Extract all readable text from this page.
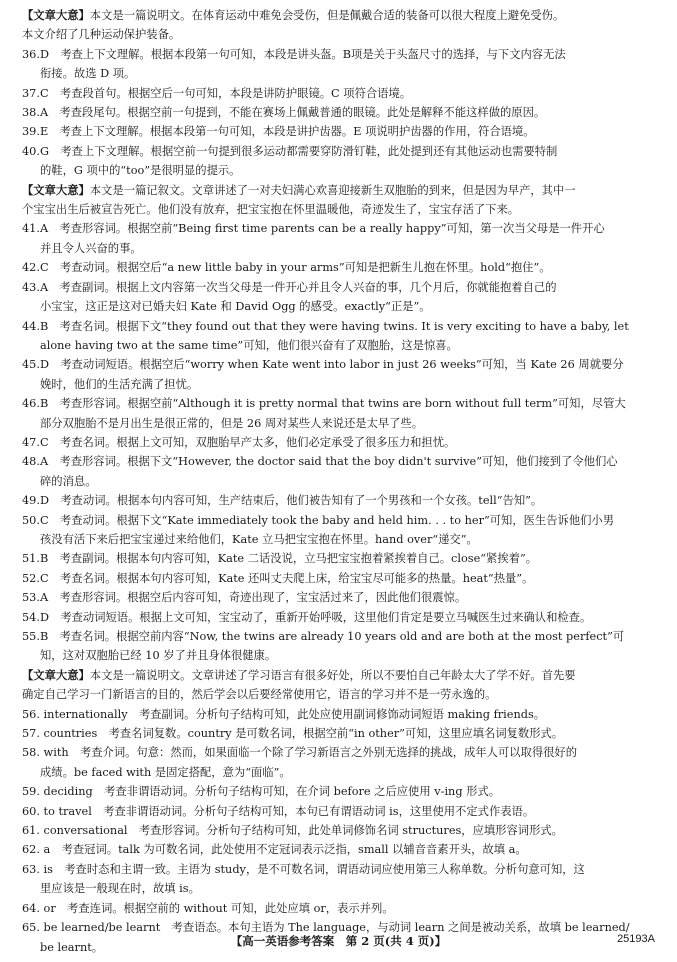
【文章大意】本文是一篇说明文。在体育运动中难免会受伤，但是佩戴合适的装备可以很大程度上避免受伤。
本文介绍了几种运动保护装备。
36.D　考查上下文理解。根据本段第一句可知，本段是讲头盔。B项是关于头盔尺寸的选择，与下文内容无法
衔接。故选 D 项。
37.C　考查段首句。根据空后一句可知，本段是讲防护眼镜。C 项符合语境。
38.A　考查段尾句。根据空前一句提到，不能在赛场上佩戴普通的眼镜。此处是解释不能这样做的原因。
39.E　考查上下文理解。根据本段第一句可知，本段是讲护齿器。E 项说明护齿器的作用，符合语境。
40.G　考查上下文理解。根据空前一句提到很多运动都需要穿防滑钉鞋，此处提到还有其他运动也需要特制
的鞋，G 项中的“too”是很明显的提示。
【文章大意】本文是一篇记叙文。文章讲述了一对夫妇满心欢喜迎接新生双胞胎的到来，但是因为早产，其中一
个宝宝出生后被宣告死亡。他们没有放弃，把宝宝抱在怀里温暖他，奇迹发生了，宝宝存活了下来。
41.A　考查形容词。根据空前“Being first time parents can be a really happy”可知，第一次当父母是一件开心
并且令人兴奋的事。
42.C　考查动词。根据空后“a new little baby in your arms”可知是把新生儿抱在怀里。hold“抱住”。
43.A　考查副词。根据上文内容第一次当父母是一件开心并且令人兴奋的事，几个月后，你就能抱着自己的
小宝宝，这正是这对已婚夫妇 Kate 和 David Ogg 的感受。exactly“正是”。
44.B　考查名词。根据下文“they found out that they were having twins. It is very exciting to have a baby, let
alone having two at the same time”可知，他们很兴奋有了双胞胎，这是惊喜。
45.D　考查动词短语。根据空后“worry when Kate went into labor in just 26 weeks”可知，当 Kate 26 周就要分
娩时，他们的生活充满了担忧。
46.B　考查形容词。根据空前“Although it is pretty normal that twins are born without full term”可知，尽管大
部分双胞胎不是月出生是很正常的，但是 26 周对某些人来说还是太早了些。
47.C　考查名词。根据上文可知，双胞胎早产太多，他们必定承受了很多压力和担忧。
48.A　考查形容词。根据下文“However, the doctor said that the boy didn't survive”可知，他们接到了令他们心
碎的消息。
49.D　考查动词。根据本句内容可知，生产结束后，他们被告知有了一个男孩和一个女孩。tell“告知”。
50.C　考查动词。根据下文“Kate immediately took the baby and held him. . . to her”可知，医生告诉他们小男
孩没有活下来后把宝宝递过来给他们，Kate 立马把宝宝抱在怀里。hand over“递交”。
51.B　考查副词。根据本句内容可知，Kate 二话没说，立马把宝宝抱着紧挨着自己。close“紧挨着”。
52.C　考查名词。根据本句内容可知，Kate 还叫丈夫爬上床，给宝宝尽可能多的热量。heat“热量”。
53.A　考查形容词。根据空后内容可知，奇迹出现了，宝宝活过来了，因此他们很震惊。
54.D　考查动词短语。根据上文可知，宝宝动了，重新开始呼吸，这里他们肯定是要立马喊医生过来确认和检查。
55.B　考查名词。根据空前内容“Now, the twins are already 10 years old and are both at the most perfect”可
知，这对双胞胎已经 10 岁了并且身体很健康。
【文章大意】本文是一篇说明文。文章讲述了学习语言有很多好处，所以不要怕自己年龄太大了学不好。首先要
确定自己学习一门新语言的目的，然后学会以后要经常使用它，语言的学习并不是一劳永逸的。
56. internationally　考查副词。分析句子结构可知，此处应使用副词修饰动词短语 making friends。
57. countries　考查名词复数。country 是可数名词，根据空前“in other”可知，这里应填名词复数形式。
58. with　考查介词。句意：然而，如果面临一个除了学习新语言之外别无选择的挑战，成年人可以取得很好的
成绩。be faced with 是固定搭配，意为“面临”。
59. deciding　考查非谓语动词。分析句子结构可知，在介词 before 之后应使用 v-ing 形式。
60. to travel　考查非谓语动词。分析句子结构可知，本句已有谓语动词 is，这里使用不定式作表语。
61. conversational　考查形容词。分析句子结构可知，此处单词修饰名词 structures，应填形容词形式。
62. a　考查冠词。talk 为可数名词，此处使用不定冠词表示泛指，small 以辅音音素开头，故填 a。
63. is　考查时态和主谓一致。主语为 study，是不可数名词，谓语动词应使用第三人称单数。分析句意可知，这
里应该是一般现在时，故填 is。
64. or　考查连词。根据空前的 without 可知，此处应填 or，表示并列。
65. be learned/be learnt　考查语态。本句主语为 The language，与动词 learn 之间是被动关系，故填 be learned/
be learnt。	【高一英语参考答案　第 2 页(共 4 页)】	25193A
